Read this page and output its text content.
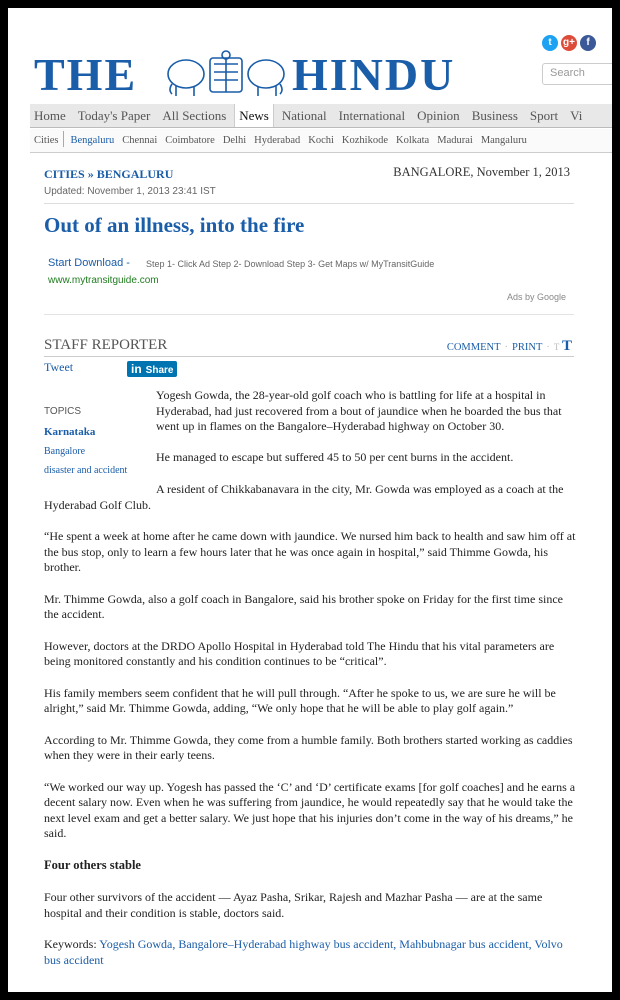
THE	HINDU
t g+ f
Search
Home Today's Paper All Sections News National International Opinion Business Sport Vi
Cities Bengaluru Chennai Coimbatore Delhi Hyderabad Kochi Kozhikode Kolkata Madurai Mangaluru
CITIES » BENGALURU	BANGALORE, November 1, 2013
Updated: November 1, 2013 23:41 IST
Out of an illness, into the fire
Start Download - Step 1- Click Ad Step 2- Download Step 3- Get Maps w/ MyTransitGuide
www.mytransitguide.com
Ads by Google
STAFF REPORTER	COMMENT · PRINT · T T
Tweet	in Share
TOPICS
Karnataka
Bangalore
disaster and accident

Yogesh Gowda, the 28-year-old golf coach who is battling for life at a hospital in Hyderabad, had just recovered from a bout of jaundice when he boarded the bus that went up in flames on the Bangalore–Hyderabad highway on October 30.

He managed to escape but suffered 45 to 50 per cent burns in the accident.

A resident of Chikkabanavara in the city, Mr. Gowda was employed as a coach at the Hyderabad Golf Club.

“He spent a week at home after he came down with jaundice. We nursed him back to health and saw him off at the bus stop, only to learn a few hours later that he was once again in hospital,” said Thimme Gowda, his brother.

Mr. Thimme Gowda, also a golf coach in Bangalore, said his brother spoke on Friday for the first time since the accident.

However, doctors at the DRDO Apollo Hospital in Hyderabad told The Hindu that his vital parameters are being monitored constantly and his condition continues to be “critical”.

His family members seem confident that he will pull through. “After he spoke to us, we are sure he will be alright,” said Mr. Thimme Gowda, adding, “We only hope that he will be able to play golf again.”

According to Mr. Thimme Gowda, they come from a humble family. Both brothers started working as caddies when they were in their early teens.

“We worked our way up. Yogesh has passed the ‘C’ and ‘D’ certificate exams [for golf coaches] and he earns a decent salary now. Even when he was suffering from jaundice, he would repeatedly say that he would take the next level exam and get a better salary. We just hope that his injuries don’t come in the way of his dreams,” he said.

Four others stable

Four other survivors of the accident — Ayaz Pasha, Srikar, Rajesh and Mazhar Pasha — are at the same hospital and their condition is stable, doctors said.

Keywords: Yogesh Gowda, Bangalore–Hyderabad highway bus accident, Mahbubnagar bus accident, Volvo bus accident
